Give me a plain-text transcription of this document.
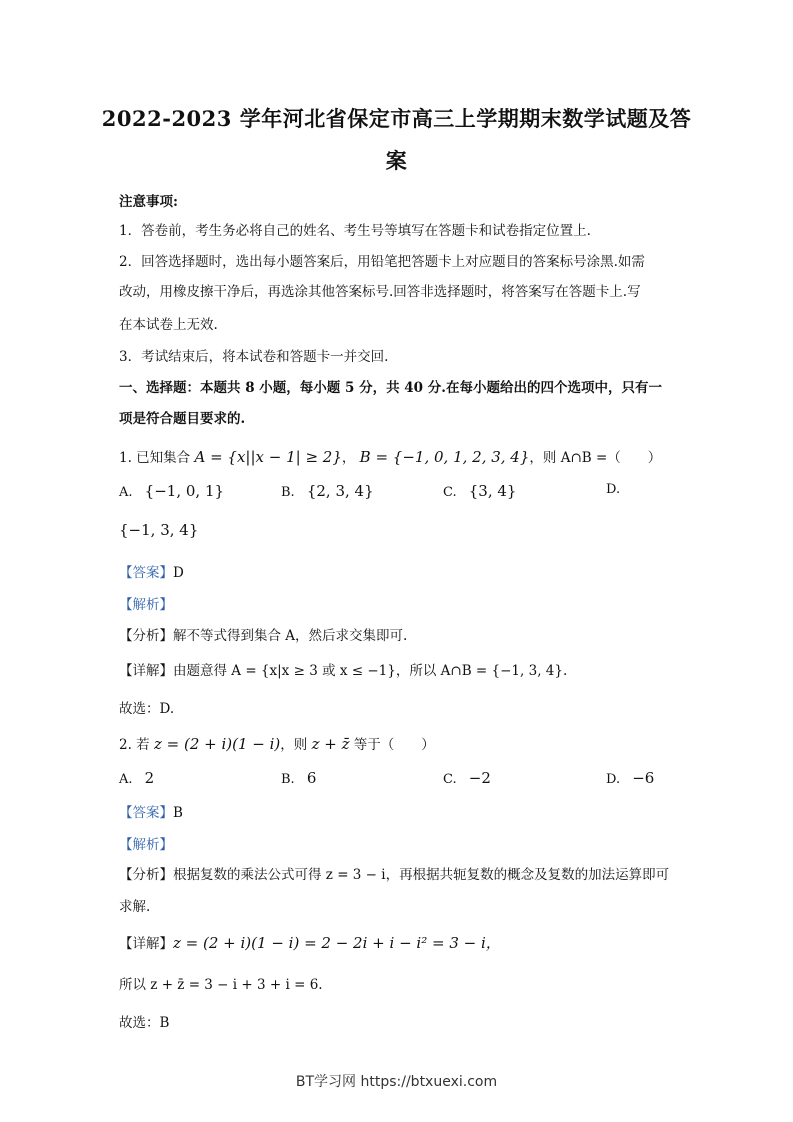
2022-2023 学年河北省保定市高三上学期期末数学试题及答
案
注意事项:
1．答卷前，考生务必将自己的姓名、考生号等填写在答题卡和试卷指定位置上.
2．回答选择题时，选出每小题答案后，用铅笔把答题卡上对应题目的答案标号涂黑.如需
改动，用橡皮擦干净后，再选涂其他答案标号.回答非选择题时，将答案写在答题卡上.写
在本试卷上无效.
3．考试结束后，将本试卷和答题卡一并交回.
一、选择题：本题共 8 小题，每小题 5 分，共 40 分.在每小题给出的四个选项中，只有一
项是符合题目要求的.
1. 已知集合 A = {x||x − 1| ≥ 2}， B = {−1, 0, 1, 2, 3, 4}，则 A∩B =（　　）
A. {−1, 0, 1}	B. {2, 3, 4}	C. {3, 4}	D.
{−1, 3, 4}
【答案】D
【解析】
【分析】解不等式得到集合 A，然后求交集即可.
【详解】由题意得 A = {x|x ≥ 3 或 x ≤ −1}，所以 A∩B = {−1, 3, 4}.
故选：D.
2. 若 z = (2 + i)(1 − i)，则 z + z̄ 等于（　　）
A. 2	B. 6	C. −2	D. −6
【答案】B
【解析】
【分析】根据复数的乘法公式可得 z = 3 − i，再根据共轭复数的概念及复数的加法运算即可
求解.
【详解】z = (2 + i)(1 − i) = 2 − 2i + i − i² = 3 − i，
所以 z + z̄ = 3 − i + 3 + i = 6.
故选：B
BT学习网 https://btxuexi.com
